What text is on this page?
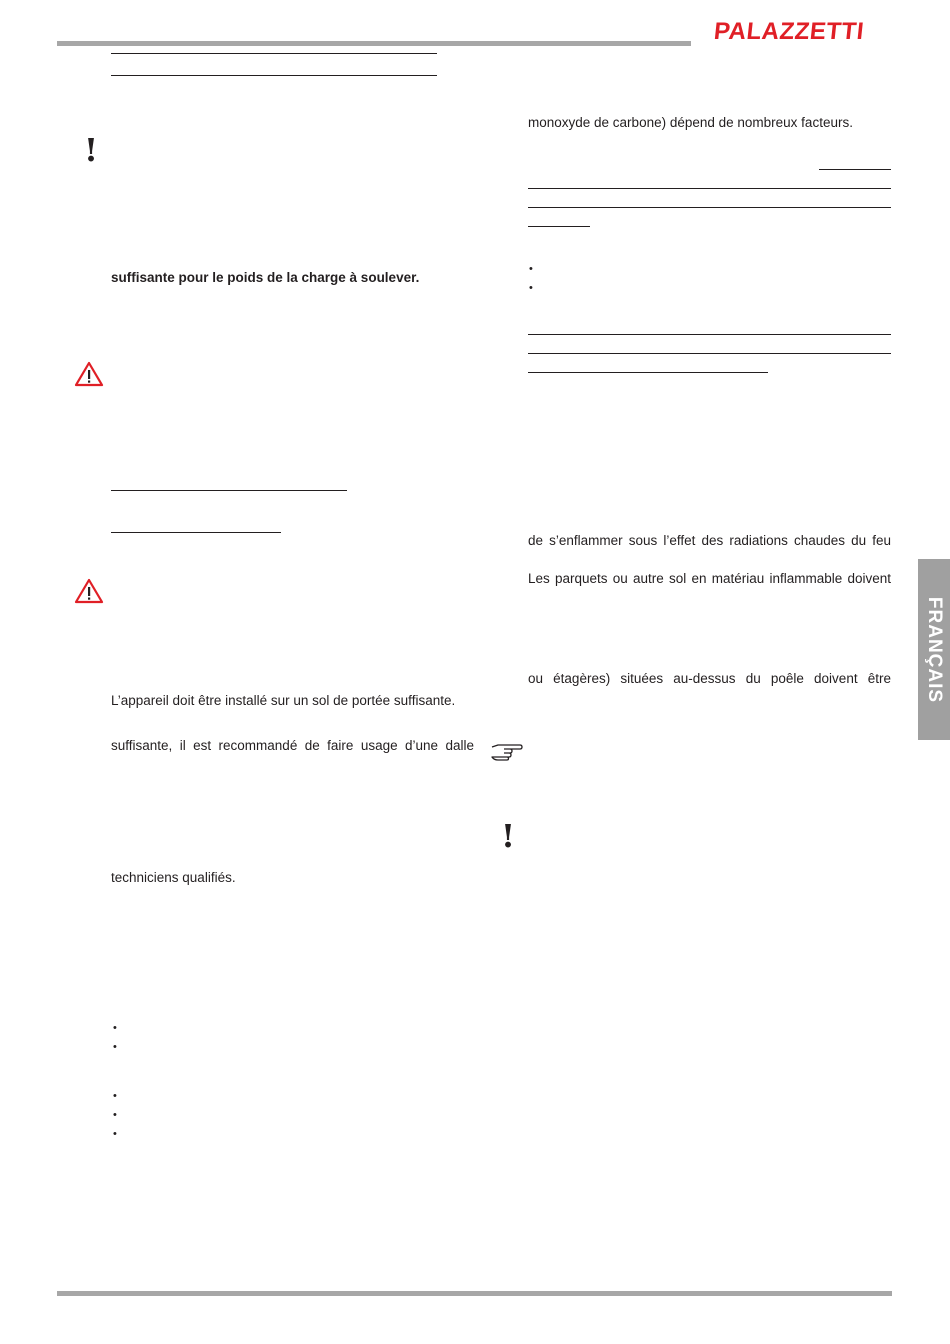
PALAZZETTI
!
suffisante pour le poids de la charge à soulever.
L’appareil doit être installé sur un sol de portée suffisante.
suffisante, il est recommandé de faire usage d’une dalle
techniciens qualifiés.
•
•
•
•
•
!
monoxyde de carbone) dépend de nombreux facteurs.
•
•
de s’enflammer sous l’effet des radiations chaudes du feu
Les parquets ou autre sol en matériau inflammable doivent
ou étagères) situées au-dessus du poêle doivent être FRANÇAIS
